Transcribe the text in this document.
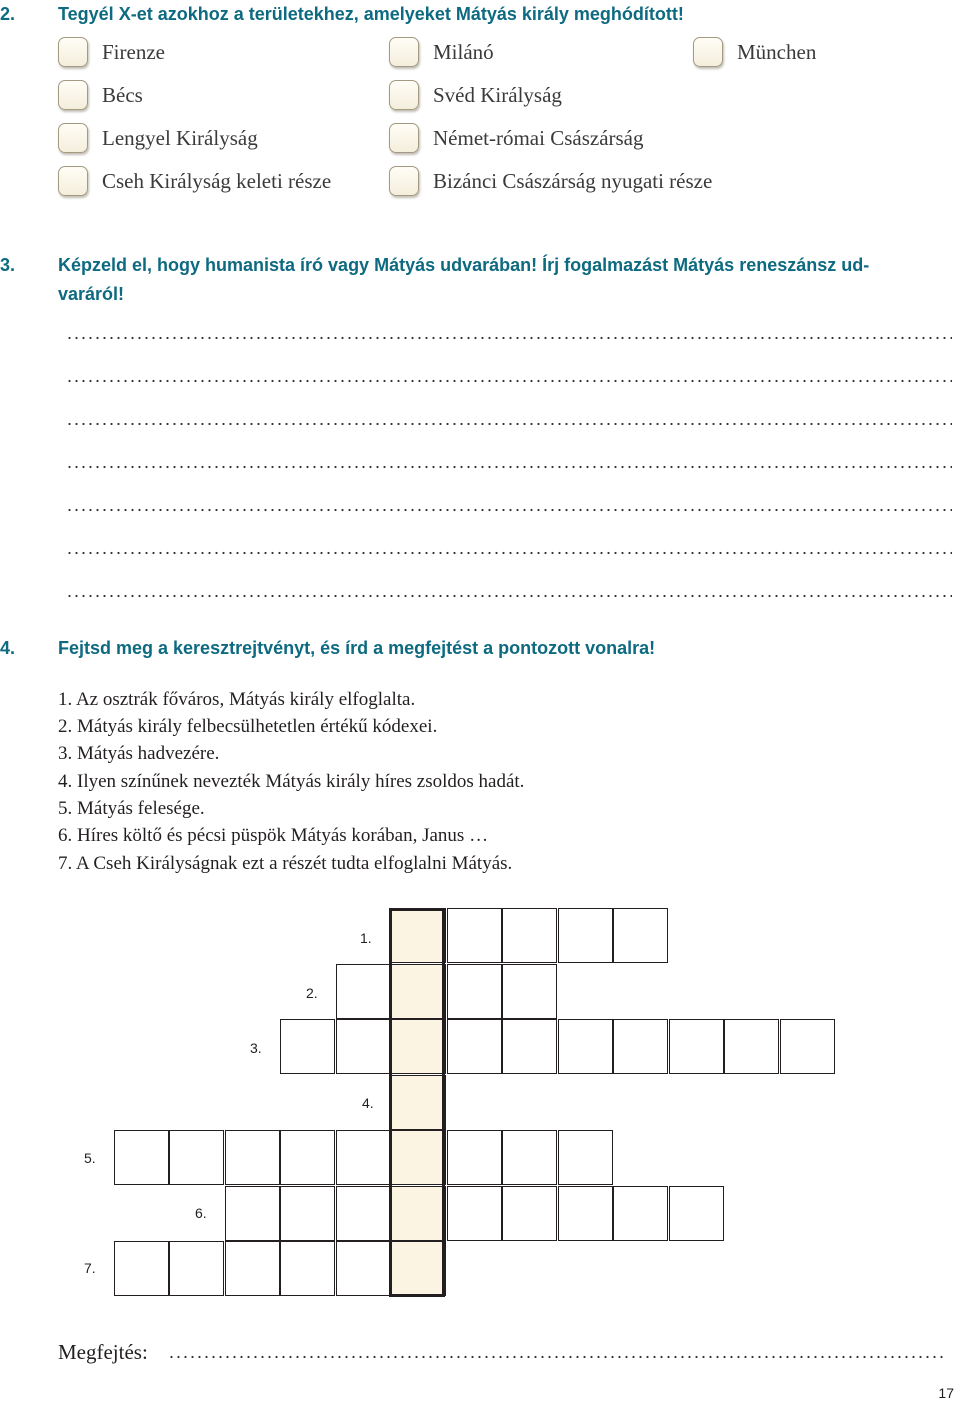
2. Tegyél X-et azokhoz a területekhez, amelyeket Mátyás király meghódított!
Firenze	Milánó	München
Bécs	Svéd Királyság
Lengyel Királyság	Német-római Császárság
Cseh Királyság keleti része	Bizánci Császárság nyugati része
3. Képzeld el, hogy humanista író vagy Mátyás udvarában! Írj fogalmazást Mátyás reneszánsz ud-
varáról!
4. Fejtsd meg a keresztrejtvényt, és írd a megfejtést a pontozott vonalra!
1. Az osztrák főváros, Mátyás király elfoglalta.
2. Mátyás király felbecsülhetetlen értékű kódexei.
3. Mátyás hadvezére.
4. Ilyen színűnek nevezték Mátyás király híres zsoldos hadát.
5. Mátyás felesége.
6. Híres költő és pécsi püspök Mátyás korában, Janus …
7. A Cseh Királyságnak ezt a részét tudta elfoglalni Mátyás.
1.
2.
3.
4.
5.
6.
7.
Megfejtés:
17
